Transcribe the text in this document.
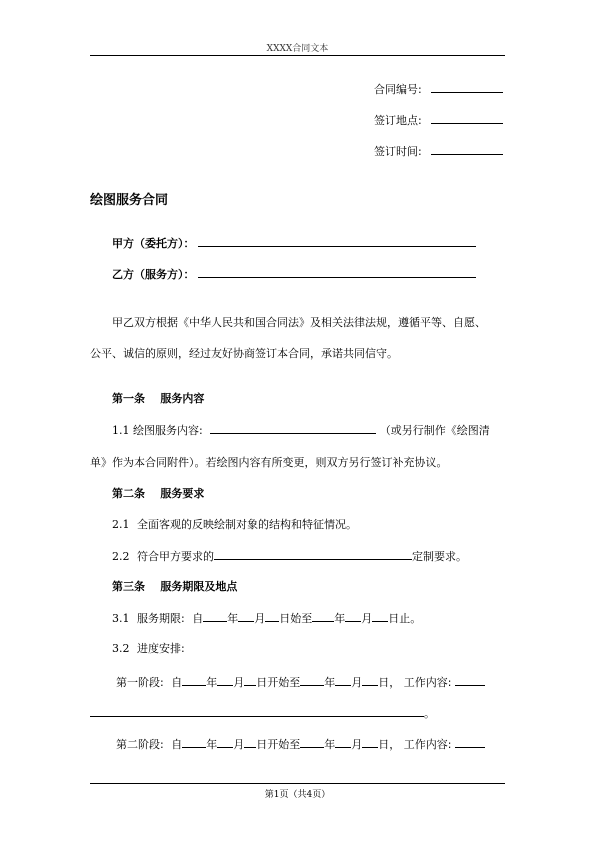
XXXX合同文本
合同编号:
签订地点:
签订时间:
绘图服务合同
甲方（委托方）：
乙方（服务方）：
甲乙双方根据《中华人民共和国合同法》及相关法律法规，遵循平等、自愿、
公平、诚信的原则，经过友好协商签订本合同，承诺共同信守。
第一条    服务内容
1.1 绘图服务内容:	（或另行制作《绘图清
单》作为本合同附件）。若绘图内容有所变更，则双方另行签订补充协议。
第二条    服务要求
2.1 全面客观的反映绘制对象的结构和特征情况。
2.2 符合甲方要求的	定制要求。
第三条    服务期限及地点
3.1 服务期限: 自 年 月 日始至 年 月 日止。
3.2 进度安排:
第一阶段: 自 年 月 日开始至 年 月 日， 工作内容:
。
第二阶段: 自 年 月 日开始至 年 月 日， 工作内容:
第1页（共4页）
